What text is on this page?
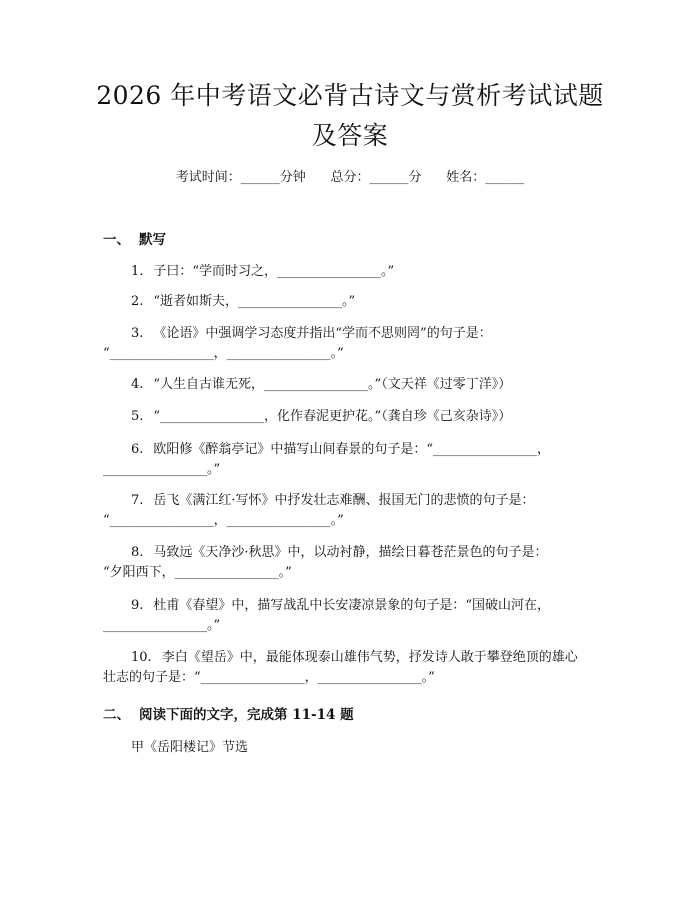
2026 年中考语文必背古诗文与赏析考试试题
及答案
考试时间：______分钟      总分：______分      姓名：______
一、 默写
1. 子曰：“学而时习之，________________。”
2. “逝者如斯夫，________________。”
3. 《论语》中强调学习态度并指出“学而不思则罔”的句子是：
“________________，________________。”
4. “人生自古谁无死，________________。”（文天祥《过零丁洋》）
5. “________________，化作春泥更护花。”（龚自珍《己亥杂诗》）
6. 欧阳修《醉翁亭记》中描写山间春景的句子是：“________________，
________________。”
7. 岳飞《满江红·写怀》中抒发壮志难酬、报国无门的悲愤的句子是：
“________________，________________。”
8. 马致远《天净沙·秋思》中，以动衬静，描绘日暮苍茫景色的句子是：
“夕阳西下，________________。”
9. 杜甫《春望》中，描写战乱中长安凄凉景象的句子是：“国破山河在，
________________。”
10. 李白《望岳》中，最能体现泰山雄伟气势，抒发诗人敢于攀登绝顶的雄心
壮志的句子是：“________________，________________。”
二、 阅读下面的文字，完成第 11-14 题
甲《岳阳楼记》节选
